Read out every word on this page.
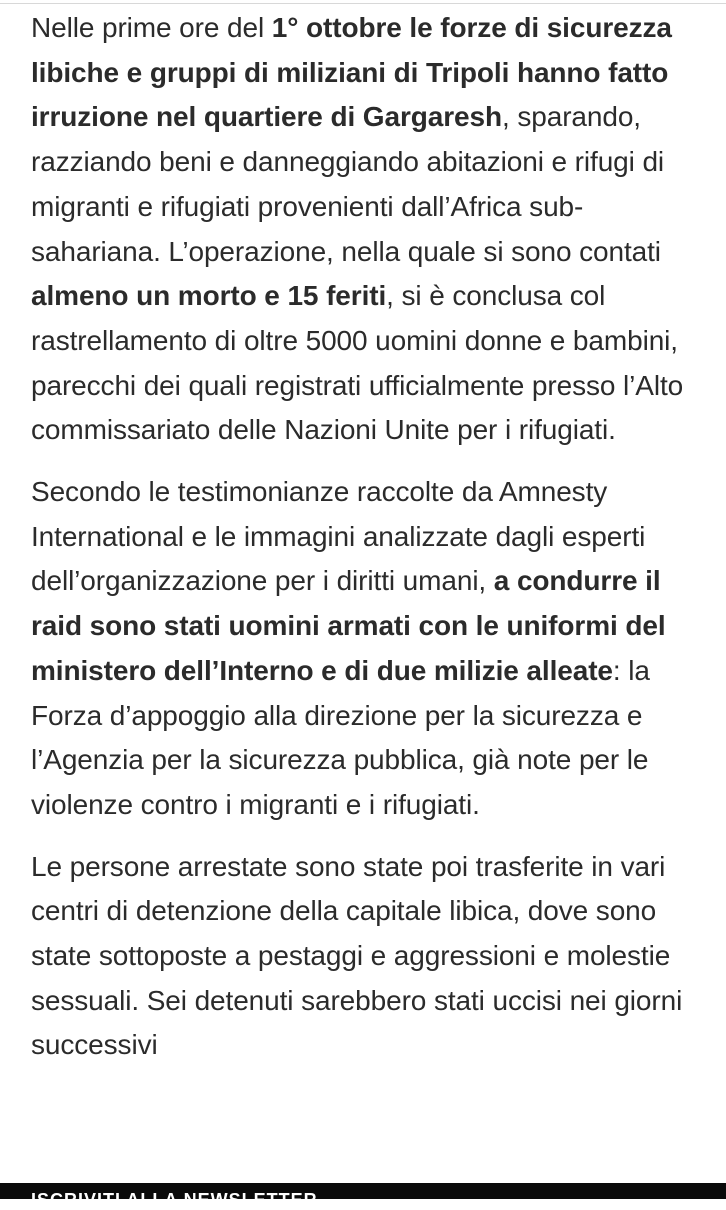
Nelle prime ore del 1° ottobre le forze di sicurezza libiche e gruppi di miliziani di Tripoli hanno fatto irruzione nel quartiere di Gargaresh, sparando, razziando beni e danneggiando abitazioni e rifugi di migranti e rifugiati provenienti dall’Africa sub-sahariana. L’operazione, nella quale si sono contati almeno un morto e 15 feriti, si è conclusa col rastrellamento di oltre 5000 uomini donne e bambini, parecchi dei quali registrati ufficialmente presso l’Alto commissariato delle Nazioni Unite per i rifugiati.

Secondo le testimonianze raccolte da Amnesty International e le immagini analizzate dagli esperti dell’organizzazione per i diritti umani, a condurre il raid sono stati uomini armati con le uniformi del ministero dell’Interno e di due milizie alleate: la Forza d’appoggio alla direzione per la sicurezza e l’Agenzia per la sicurezza pubblica, già note per le violenze contro i migranti e i rifugiati.

Le persone arrestate sono state poi trasferite in vari centri di detenzione della capitale libica, dove sono state sottoposte a pestaggi e aggressioni e molestie sessuali. Sei detenuti sarebbero stati uccisi nei giorni successivi

ISCRIVITI ALLA NEWSLETTER
